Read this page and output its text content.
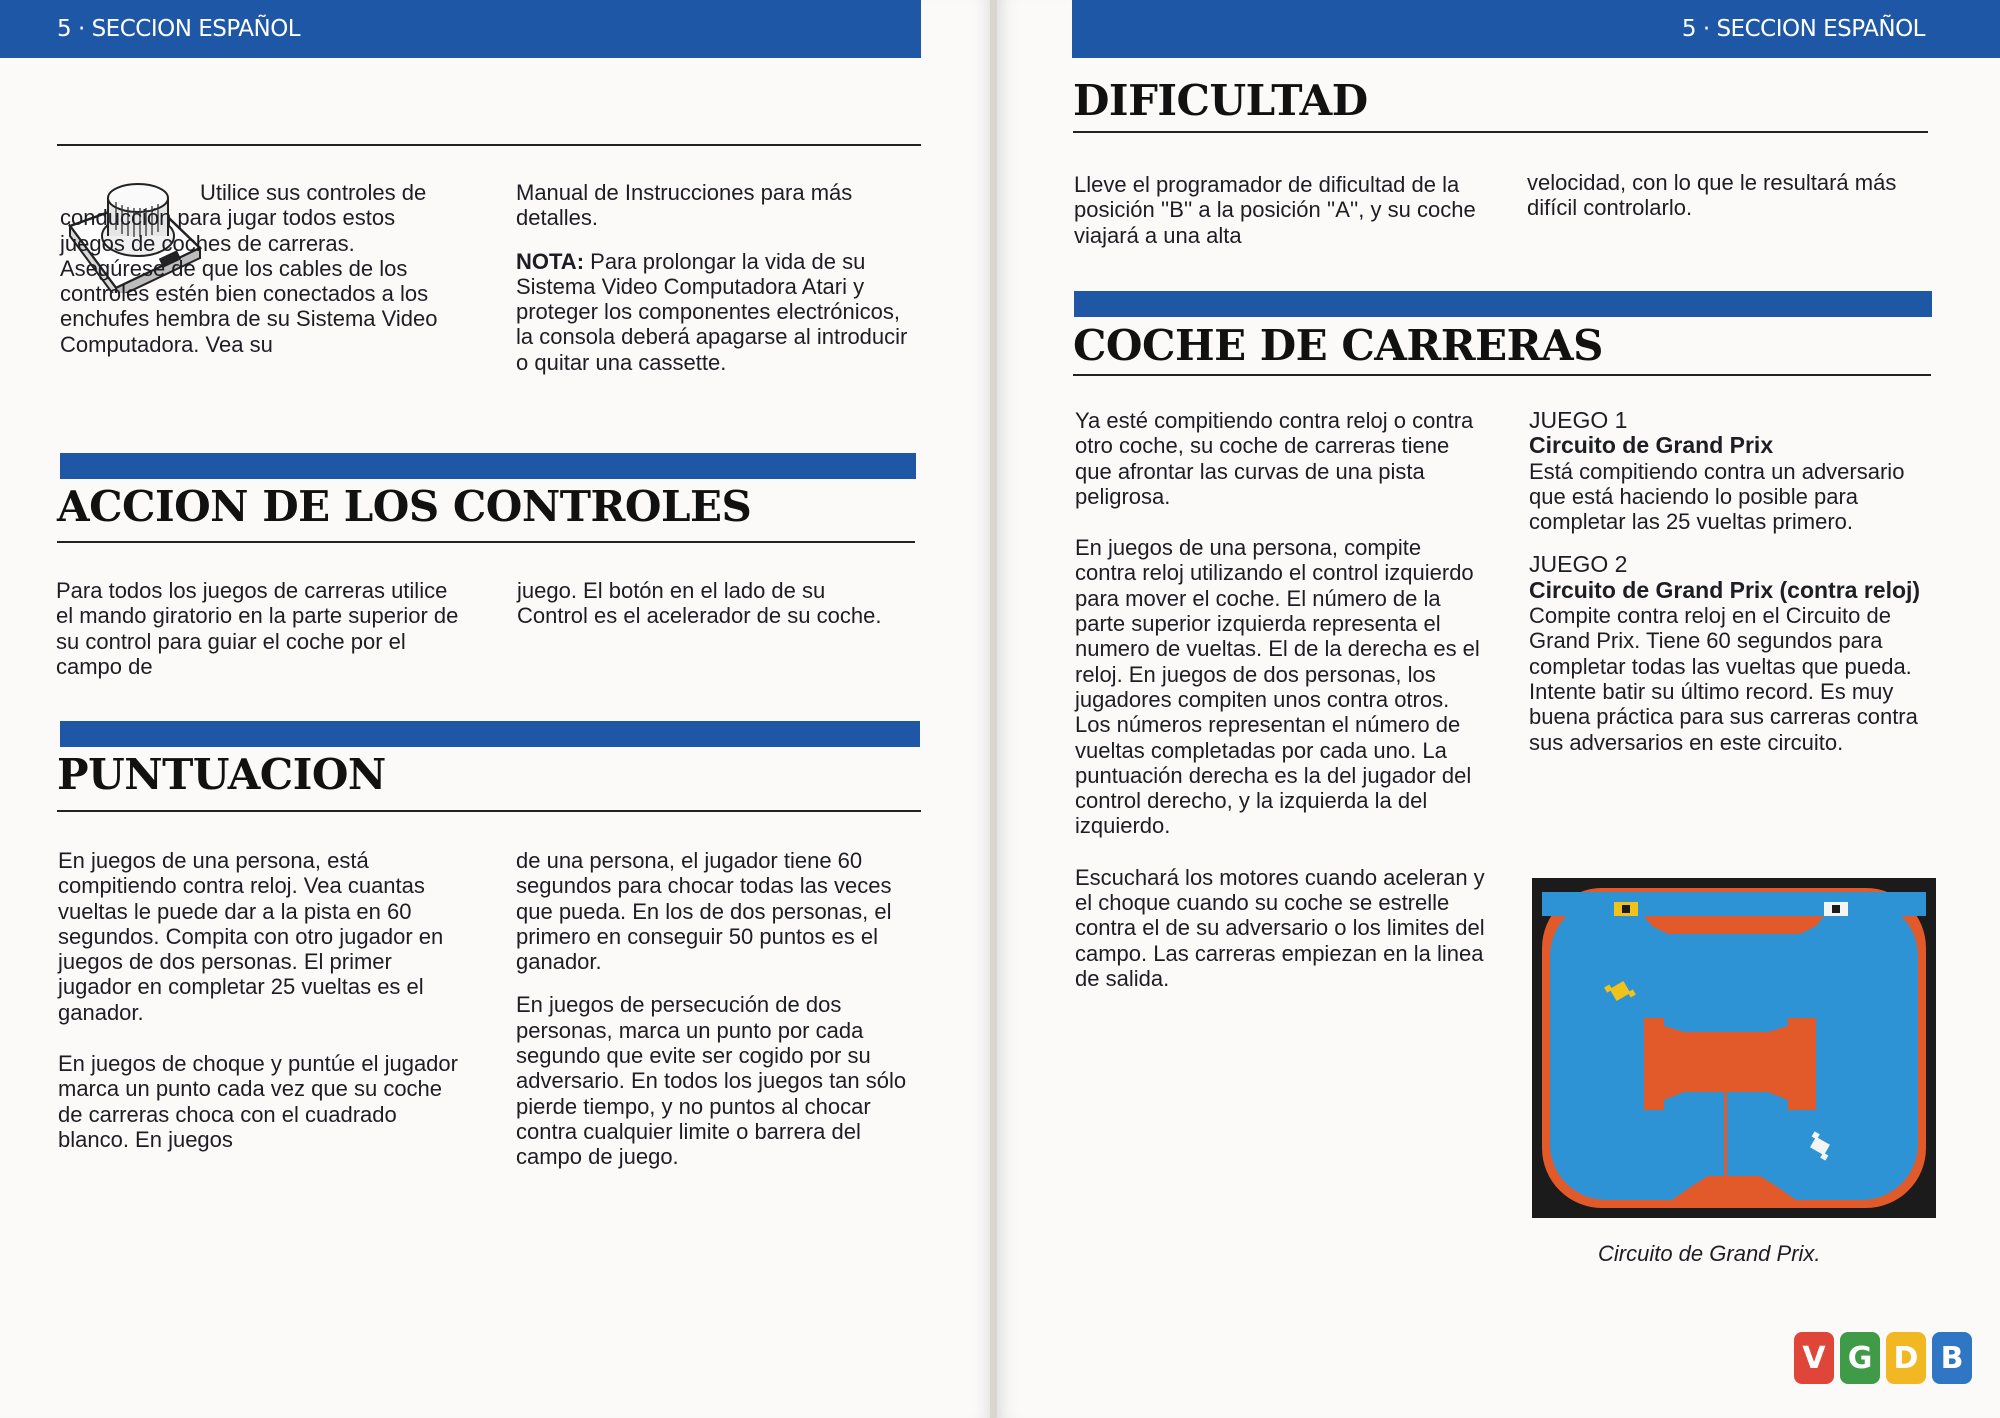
5 · SECCION ESPAÑOL

Utilice sus controles de conducción para jugar todos estos juegos de coches de carreras. Asegúrese de que los cables de los controles estén bien conectados a los enchufes hembra de su Sistema Video Computadora. Vea su

Manual de Instrucciones para más detalles.

NOTA: Para prolongar la vida de su Sistema Video Computadora Atari y proteger los componentes electrónicos, la consola deberá apagarse al introducir o quitar una cassette.

ACCION DE LOS CONTROLES

Para todos los juegos de carreras utilice el mando giratorio en la parte superior de su control para guiar el coche por el campo de

juego. El botón en el lado de su Control es el acelerador de su coche.

PUNTUACION

En juegos de una persona, está compitiendo contra reloj. Vea cuantas vueltas le puede dar a la pista en 60 segundos. Compita con otro jugador en juegos de dos personas. El primer jugador en completar 25 vueltas es el ganador.

En juegos de choque y puntúe el jugador marca un punto cada vez que su coche de carreras choca con el cuadrado blanco. En juegos

de una persona, el jugador tiene 60 segundos para chocar todas las veces que pueda. En los de dos personas, el primero en conseguir 50 puntos es el ganador.

En juegos de persecución de dos personas, marca un punto por cada segundo que evite ser cogido por su adversario. En todos los juegos tan sólo pierde tiempo, y no puntos al chocar contra cualquier limite o barrera del campo de juego.

5 · SECCION ESPAÑOL
DIFICULTAD

Lleve el programador de dificultad de la posición ''B'' a la posición ''A'', y su coche viajará a una alta

velocidad, con lo que le resultará más difícil controlarlo.

COCHE DE CARRERAS

Ya esté compitiendo contra reloj o contra otro coche, su coche de carreras tiene que afrontar las curvas de una pista peligrosa.

En juegos de una persona, compite contra reloj utilizando el control izquierdo para mover el coche. El número de la parte superior izquierda representa el numero de vueltas. El de la derecha es el reloj. En juegos de dos personas, los jugadores compiten unos contra otros. Los números representan el número de vueltas completadas por cada uno. La puntuación derecha es la del jugador del control derecho, y la izquierda la del izquierdo.

Escuchará los motores cuando aceleran y el choque cuando su coche se estrelle contra el de su adversario o los limites del campo. Las carreras empiezan en la linea de salida.

JUEGO 1
Circuito de Grand Prix

Está compitiendo contra un adversario que está haciendo lo posible para completar las 25 vueltas primero.

JUEGO 2
Circuito de Grand Prix (contra reloj)

Compite contra reloj en el Circuito de Grand Prix. Tiene 60 segundos para completar todas las vueltas que pueda. Intente batir su último record. Es muy buena práctica para sus carreras contra sus adversarios en este circuito.

Circuito de Grand Prix.
V G D B
